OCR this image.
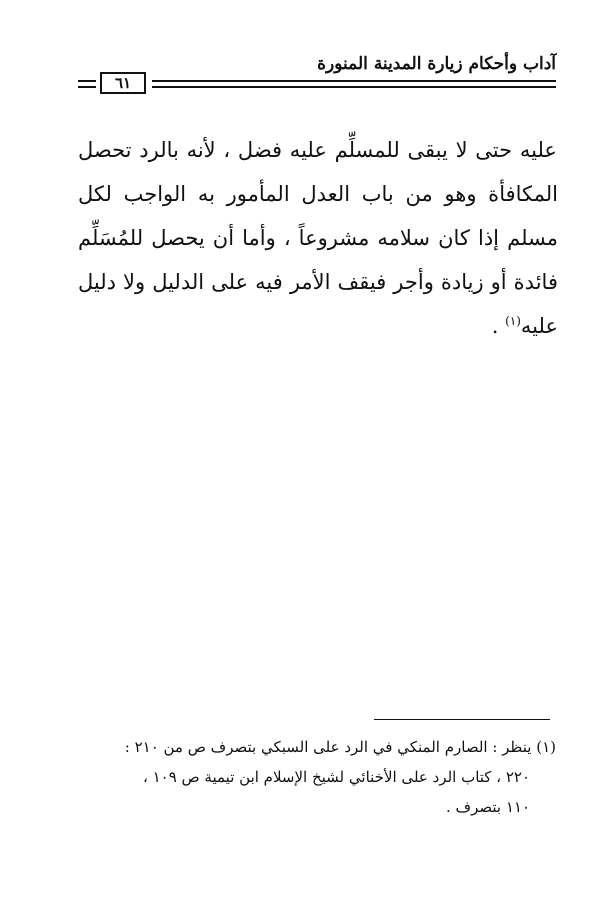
آداب وأحكام زيارة المدينة المنورة
٦١

عليه حتى لا يبقى للمسلِّم عليه فضل ، لأنه بالرد تحصل المكافأة وهو من باب العدل المأمور به الواجب لكل مسلم إذا كان سلامه مشروعاً ، وأما أن يحصل للمُسَلِّم فائدة أو زيادة وأجر فيقف الأمر فيه على الدليل ولا دليل عليه$^{(١)}$ .

(١) ينظر : الصارم المنكي في الرد على السبكي بتصرف ص من ٢١٠ :
٢٢٠ ، كتاب الرد على الأخنائي لشيخ الإسلام ابن تيمية ص ١٠٩ ،
١١٠ بتصرف .
